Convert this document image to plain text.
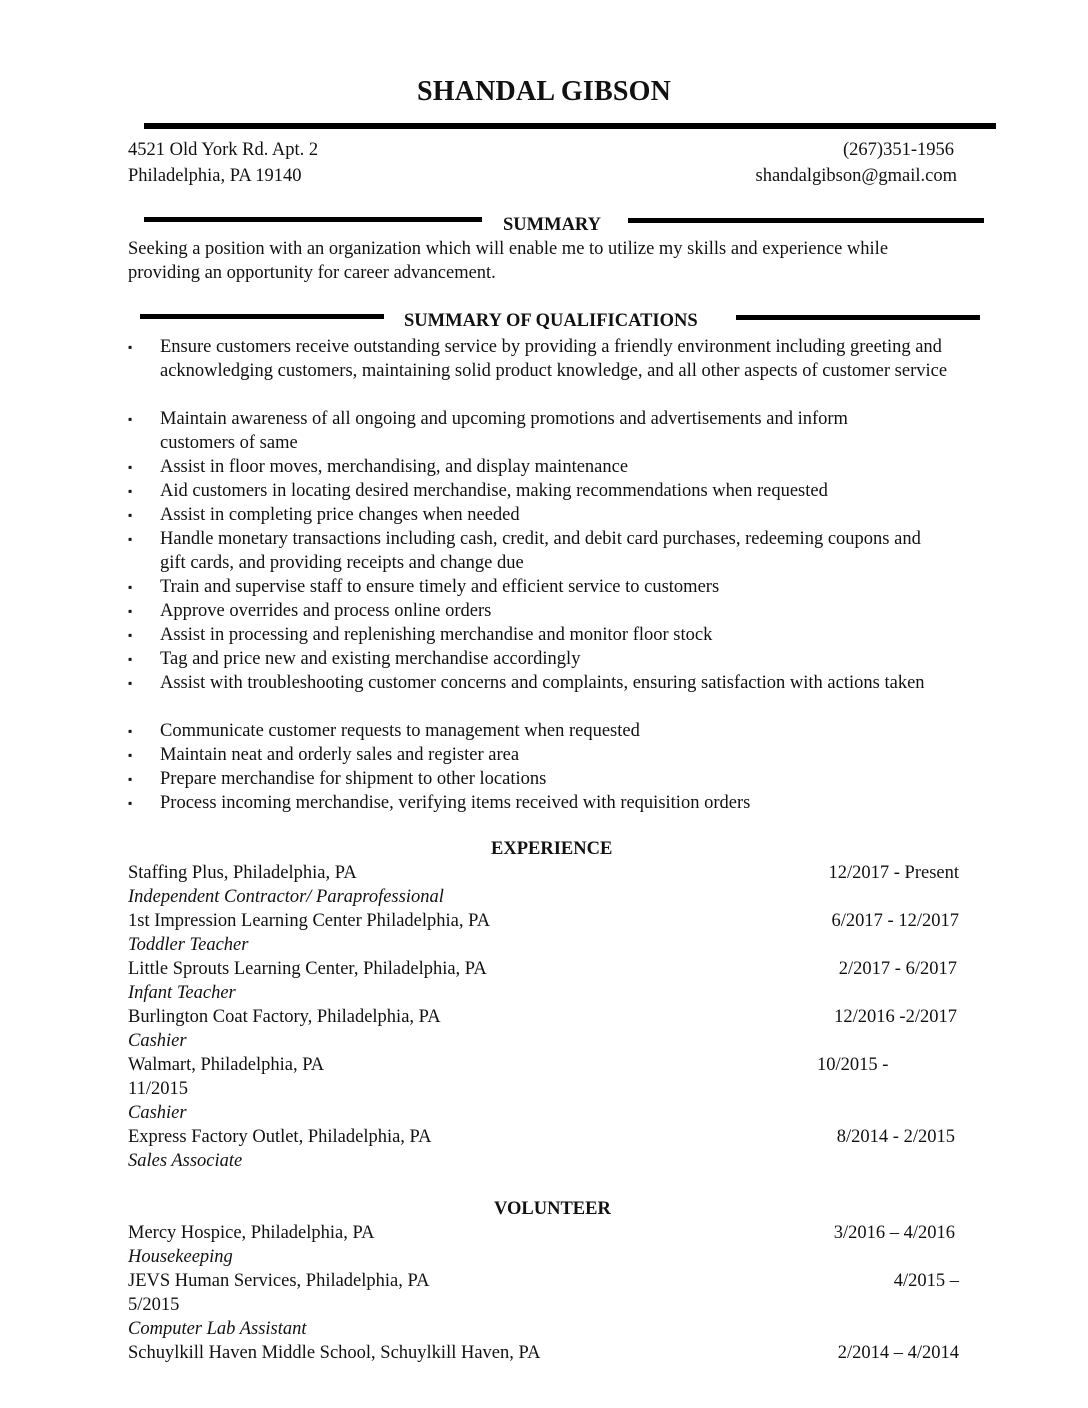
SHANDAL GIBSON
4521 Old York Rd. Apt. 2
Philadelphia, PA 19140
(267)351-1956
shandalgibson@gmail.com
SUMMARY
Seeking a position with an organization which will enable me to utilize my skills and experience while
providing an opportunity for career advancement.
SUMMARY OF QUALIFICATIONS
▪ Ensure customers receive outstanding service by providing a friendly environment including greeting and acknowledging customers, maintaining solid product knowledge, and all other aspects of customer service
▪ Maintain awareness of all ongoing and upcoming promotions and advertisements and inform customers of same
▪ Assist in floor moves, merchandising, and display maintenance
▪ Aid customers in locating desired merchandise, making recommendations when requested
▪ Assist in completing price changes when needed
▪ Handle monetary transactions including cash, credit, and debit card purchases, redeeming coupons and gift cards, and providing receipts and change due
▪ Train and supervise staff to ensure timely and efficient service to customers
▪ Approve overrides and process online orders
▪ Assist in processing and replenishing merchandise and monitor floor stock
▪ Tag and price new and existing merchandise accordingly
▪ Assist with troubleshooting customer concerns and complaints, ensuring satisfaction with actions taken
▪ Communicate customer requests to management when requested
▪ Maintain neat and orderly sales and register area
▪ Prepare merchandise for shipment to other locations
▪ Process incoming merchandise, verifying items received with requisition orders
EXPERIENCE
Staffing Plus, Philadelphia, PA	12/2017 - Present
Independent Contractor/ Paraprofessional
1st Impression Learning Center Philadelphia, PA	6/2017 - 12/2017
Toddler Teacher
Little Sprouts Learning Center, Philadelphia, PA	2/2017 - 6/2017
Infant Teacher
Burlington Coat Factory, Philadelphia, PA	12/2016 -2/2017
Cashier
Walmart, Philadelphia, PA	10/2015 -
11/2015
Cashier
Express Factory Outlet, Philadelphia, PA	8/2014 - 2/2015
Sales Associate
VOLUNTEER
Mercy Hospice, Philadelphia, PA	3/2016 – 4/2016
Housekeeping
JEVS Human Services, Philadelphia, PA	4/2015 –
5/2015
Computer Lab Assistant
Schuylkill Haven Middle School, Schuylkill Haven, PA	2/2014 – 4/2014
